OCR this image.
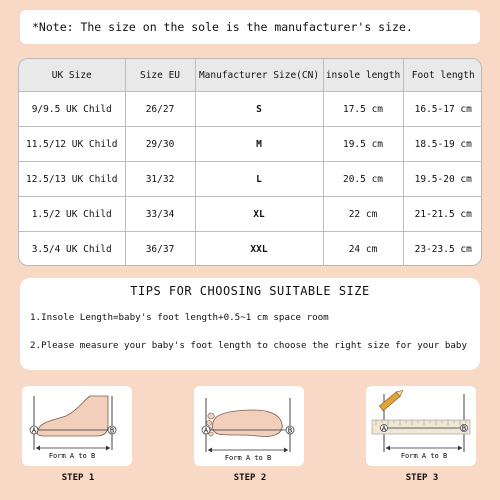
*Note: The size on the sole is the manufacturer's size.
UK Size	Size EU	Manufacturer Size(CN)	insole length	Foot length
9/9.5 UK Child	26/27	S	17.5 cm	16.5-17 cm
11.5/12 UK Child	29/30	M	19.5 cm	18.5-19 cm
12.5/13 UK Child	31/32	L	20.5 cm	19.5-20 cm
1.5/2 UK Child	33/34	XL	22 cm	21-21.5 cm
3.5/4 UK Child	36/37	XXL	24 cm	23-23.5 cm
TIPS FOR CHOOSING SUITABLE SIZE
1.Insole Length=baby's foot length+0.5~1 cm space room
2.Please measure your baby's foot length to choose the right size for your baby
A	B
Form A to B
STEP 1
A	B
Form A to B
STEP 2
A	B
Form A to B
STEP 3
